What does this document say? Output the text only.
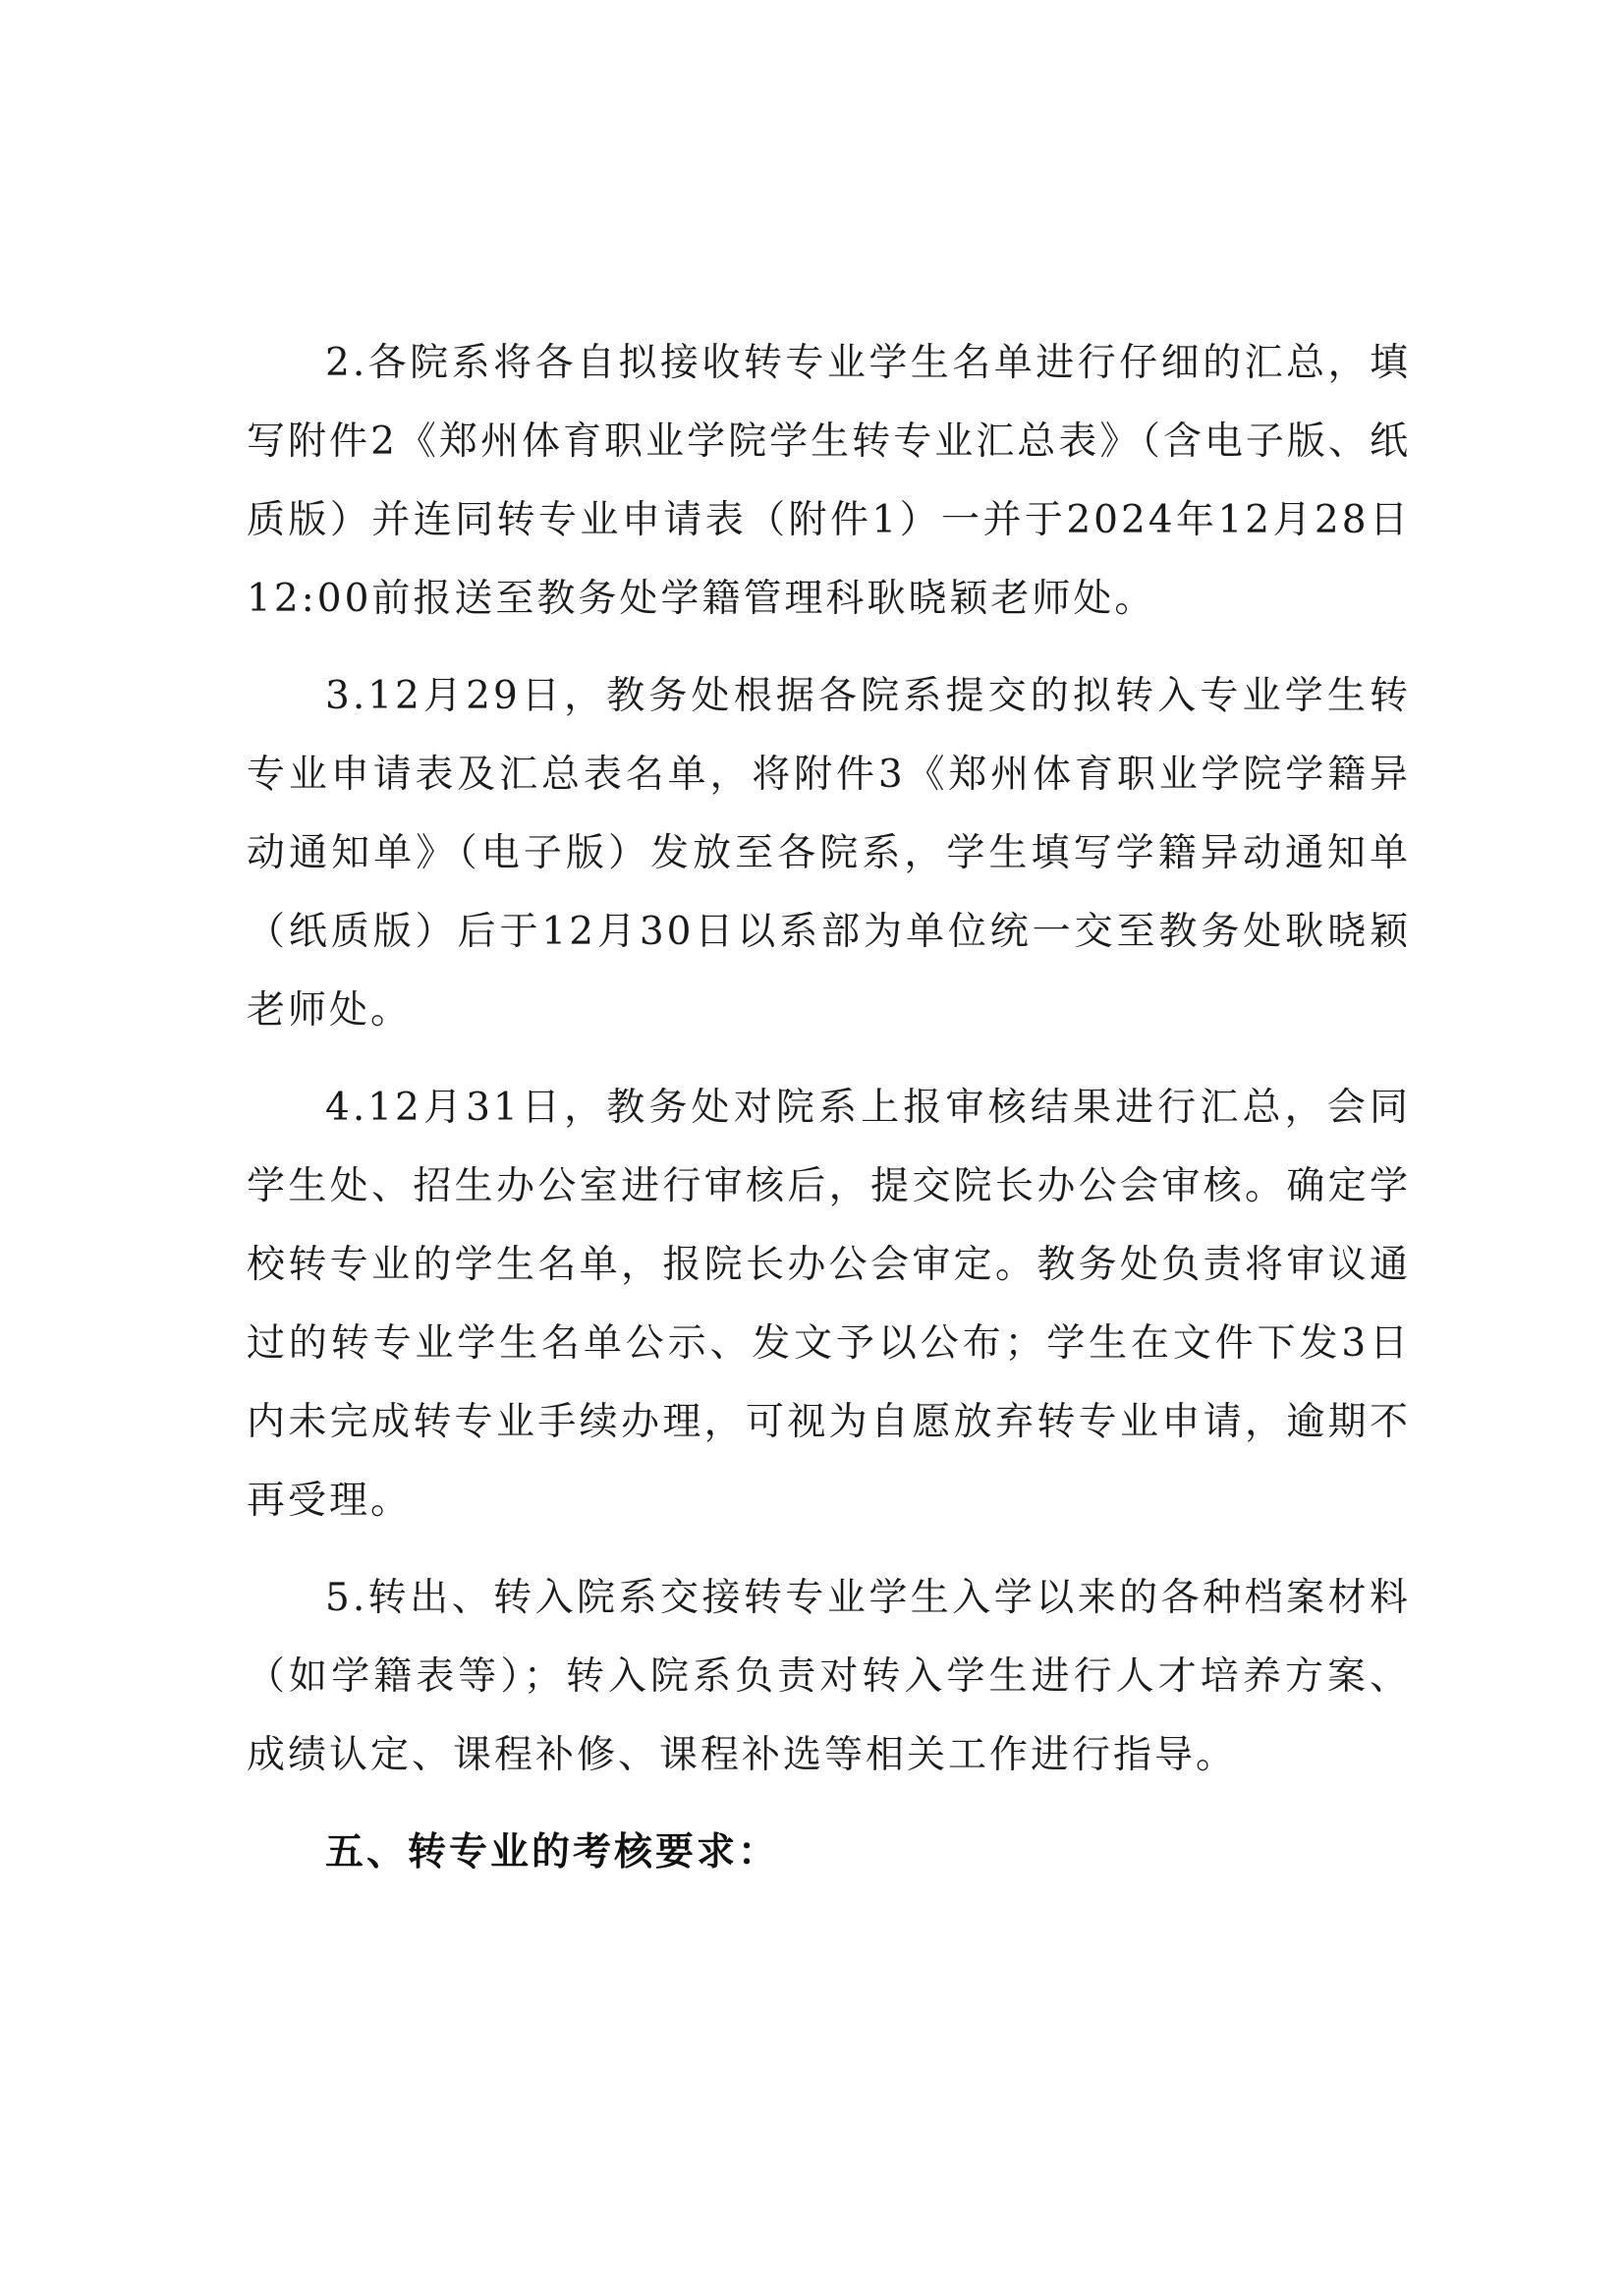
2.各院系将各自拟接收转专业学生名单进行仔细的汇总，填写附件2《郑州体育职业学院学生转专业汇总表》（含电子版、纸质版）并连同转专业申请表（附件1）一并于2024年12月28日12:00前报送至教务处学籍管理科耿晓颖老师处。

3.12月29日，教务处根据各院系提交的拟转入专业学生转专业申请表及汇总表名单，将附件3《郑州体育职业学院学籍异动通知单》（电子版）发放至各院系，学生填写学籍异动通知单（纸质版）后于12月30日以系部为单位统一交至教务处耿晓颖老师处。

4.12月31日，教务处对院系上报审核结果进行汇总，会同学生处、招生办公室进行审核后，提交院长办公会审核。确定学校转专业的学生名单，报院长办公会审定。教务处负责将审议通过的转专业学生名单公示、发文予以公布；学生在文件下发3日内未完成转专业手续办理，可视为自愿放弃转专业申请，逾期不再受理。

5.转出、转入院系交接转专业学生入学以来的各种档案材料（如学籍表等）；转入院系负责对转入学生进行人才培养方案、成绩认定、课程补修、课程补选等相关工作进行指导。

五、转专业的考核要求：
